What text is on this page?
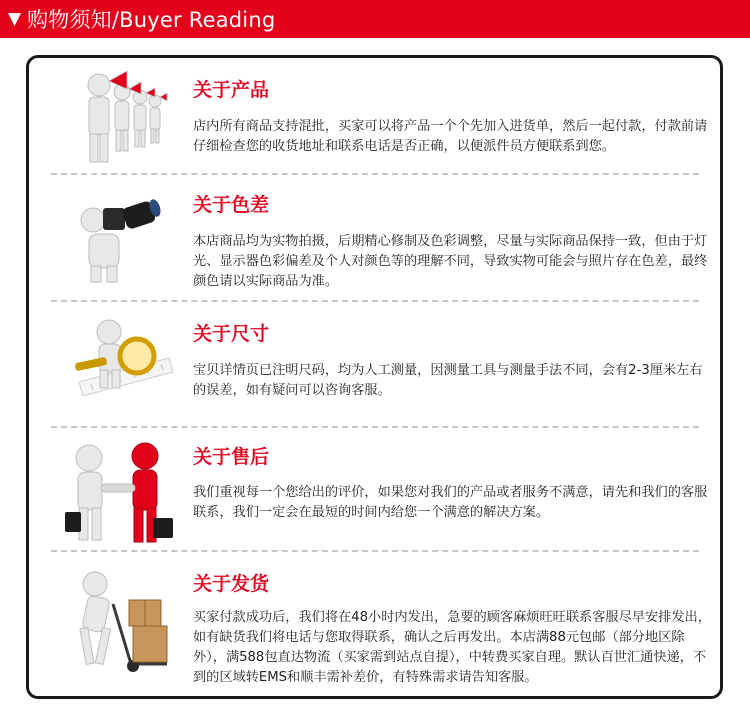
▼ 购物须知/Buyer Reading
关于产品
店内所有商品支持混批，买家可以将产品一个个先加入进货单，然后一起付款，付款前请仔细检查您的收货地址和联系电话是否正确，以便派件员方便联系到您。
关于色差
本店商品均为实物拍摄，后期精心修制及色彩调整，尽量与实际商品保持一致，但由于灯光、显示器色彩偏差及个人对颜色等的理解不同，导致实物可能会与照片存在色差，最终颜色请以实际商品为准。
关于尺寸
宝贝详情页已注明尺码，均为人工测量，因测量工具与测量手法不同，会有2-3厘米左右的误差，如有疑问可以咨询客服。
关于售后
我们重视每一个您给出的评价，如果您对我们的产品或者服务不满意，请先和我们的客服联系，我们一定会在最短的时间内给您一个满意的解决方案。
关于发货
买家付款成功后，我们将在48小时内发出，急要的顾客麻烦旺旺联系客服尽早安排发出，如有缺货我们将电话与您取得联系，确认之后再发出。本店满88元包邮（部分地区除外），满588包直达物流（买家需到站点自提），中转费买家自理。默认百世汇通快递，不到的区域转EMS和顺丰需补差价，有特殊需求请告知客服。
